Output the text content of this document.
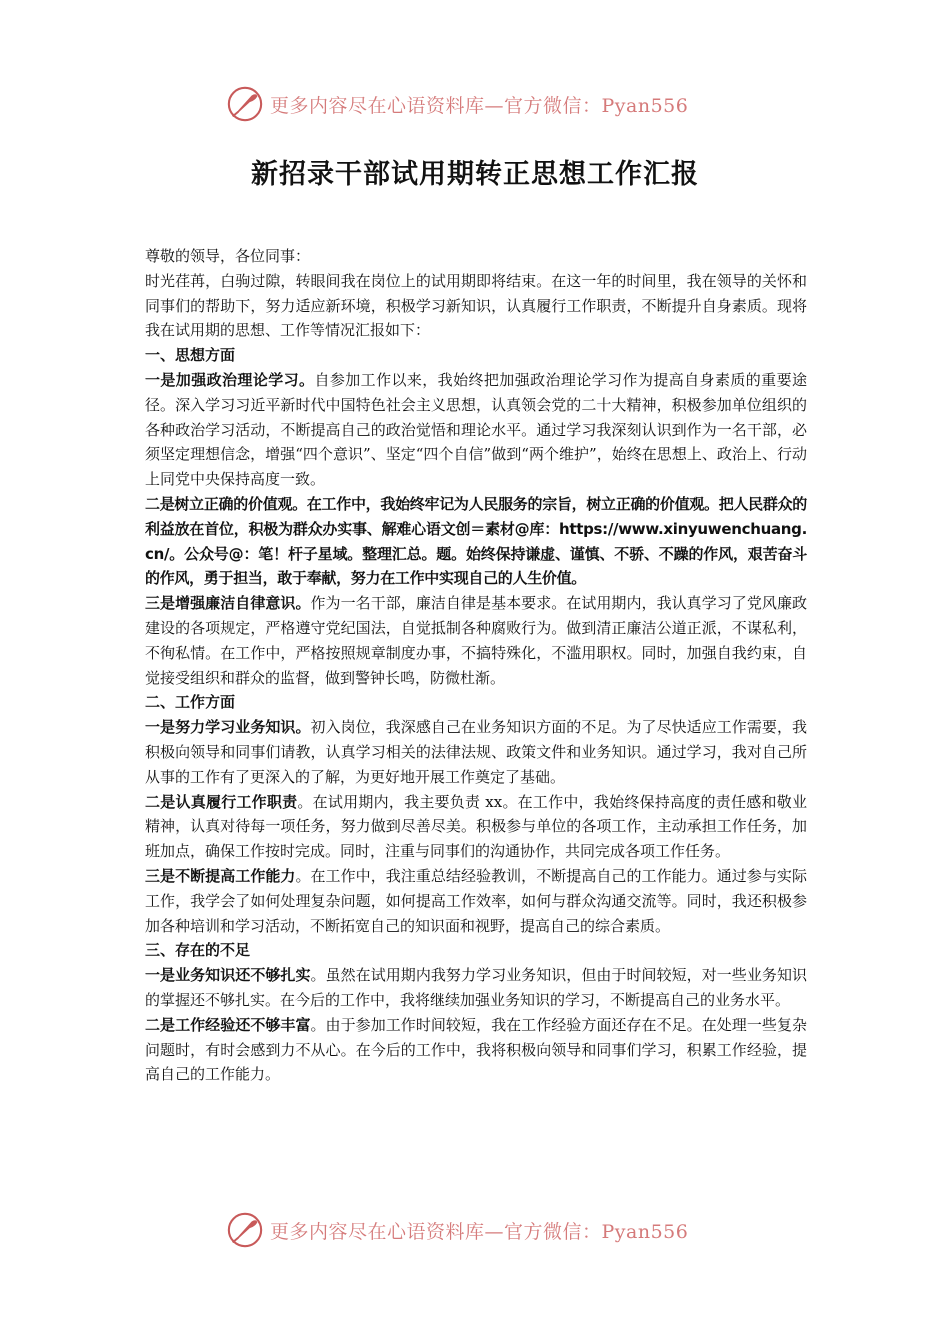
更多内容尽在心语资料库—官方微信：Pyan556
新招录干部试用期转正思想工作汇报

尊敬的领导，各位同事：

时光荏苒，白驹过隙，转眼间我在岗位上的试用期即将结束。在这一年的时间里，我在领导的关怀和同事们的帮助下，努力适应新环境，积极学习新知识，认真履行工作职责，不断提升自身素质。现将我在试用期的思想、工作等情况汇报如下：

一、思想方面

一是加强政治理论学习。自参加工作以来，我始终把加强政治理论学习作为提高自身素质的重要途径。深入学习习近平新时代中国特色社会主义思想，认真领会党的二十大精神，积极参加单位组织的各种政治学习活动，不断提高自己的政治觉悟和理论水平。通过学习我深刻认识到作为一名干部，必须坚定理想信念，增强“四个意识”、坚定“四个自信”做到“两个维护”，始终在思想上、政治上、行动上同党中央保持高度一致。

二是树立正确的价值观。在工作中，我始终牢记为人民服务的宗旨，树立正确的价值观。把人民群众的利益放在首位，积极为群众办实事、解难心语文创＝素材@库：https://www.xinyuwenchuang.cn/。公众号@：笔！杆子星域。整理汇总。题。始终保持谦虚、谨慎、不骄、不躁的作风，艰苦奋斗的作风，勇于担当，敢于奉献，努力在工作中实现自己的人生价值。

三是增强廉洁自律意识。作为一名干部，廉洁自律是基本要求。在试用期内，我认真学习了党风廉政建设的各项规定，严格遵守党纪国法，自觉抵制各种腐败行为。做到清正廉洁公道正派，不谋私利，不徇私情。在工作中，严格按照规章制度办事，不搞特殊化，不滥用职权。同时，加强自我约束，自觉接受组织和群众的监督，做到警钟长鸣，防微杜渐。

二、工作方面

一是努力学习业务知识。初入岗位，我深感自己在业务知识方面的不足。为了尽快适应工作需要，我积极向领导和同事们请教，认真学习相关的法律法规、政策文件和业务知识。通过学习，我对自己所从事的工作有了更深入的了解，为更好地开展工作奠定了基础。

二是认真履行工作职责。在试用期内，我主要负责 xx。在工作中，我始终保持高度的责任感和敬业精神，认真对待每一项任务，努力做到尽善尽美。积极参与单位的各项工作，主动承担工作任务，加班加点，确保工作按时完成。同时，注重与同事们的沟通协作，共同完成各项工作任务。

三是不断提高工作能力。在工作中，我注重总结经验教训，不断提高自己的工作能力。通过参与实际工作，我学会了如何处理复杂问题，如何提高工作效率，如何与群众沟通交流等。同时，我还积极参加各种培训和学习活动，不断拓宽自己的知识面和视野，提高自己的综合素质。

三、存在的不足

一是业务知识还不够扎实。虽然在试用期内我努力学习业务知识，但由于时间较短，对一些业务知识的掌握还不够扎实。在今后的工作中，我将继续加强业务知识的学习，不断提高自己的业务水平。

二是工作经验还不够丰富。由于参加工作时间较短，我在工作经验方面还存在不足。在处理一些复杂问题时，有时会感到力不从心。在今后的工作中，我将积极向领导和同事们学习，积累工作经验，提高自己的工作能力。

更多内容尽在心语资料库—官方微信：Pyan556
